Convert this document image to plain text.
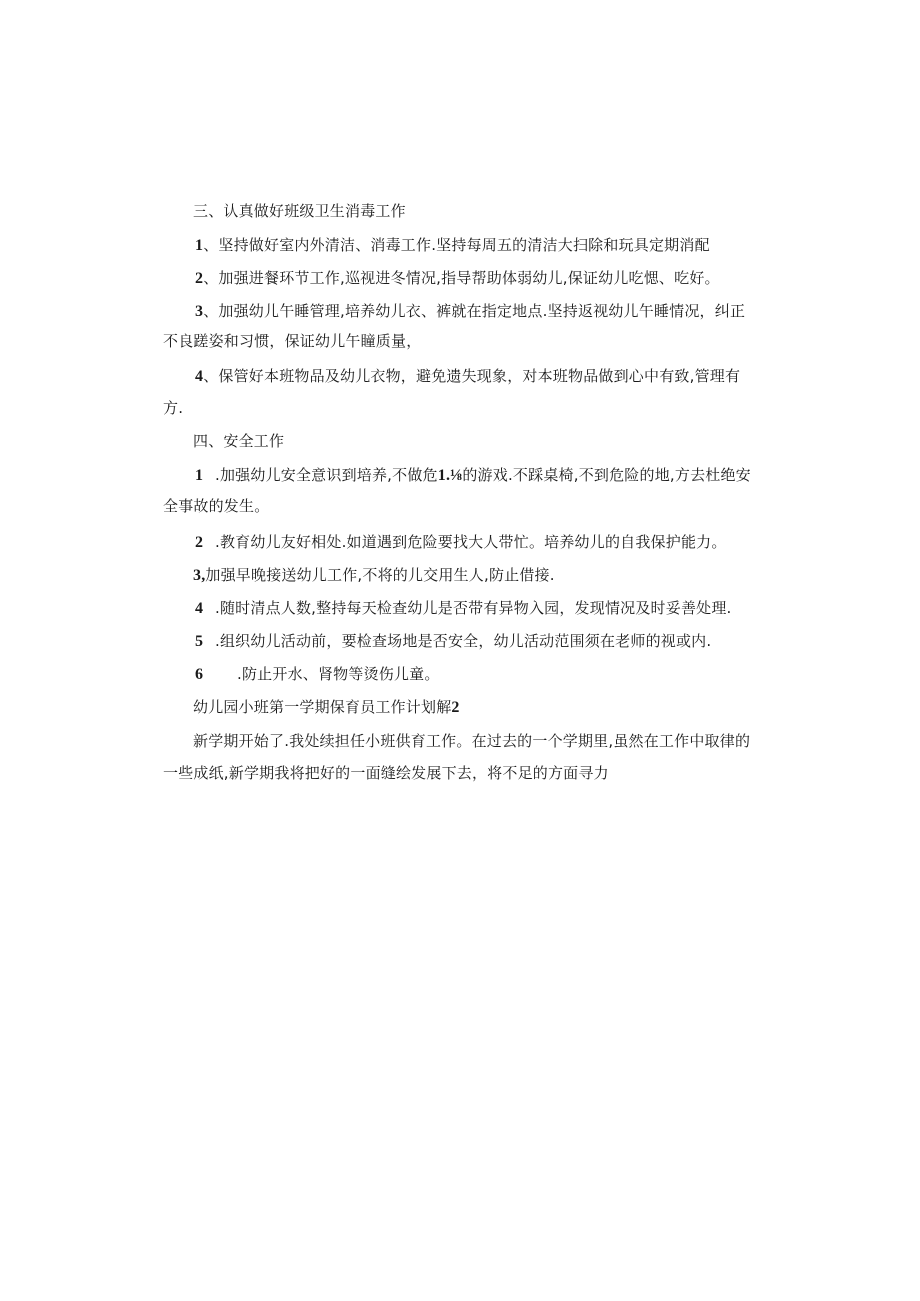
三、认真做好班级卫生消毒工作
1、坚持做好室内外清洁、消毒工作.坚持每周五的清洁大扫除和玩具定期消配
2、加强进餐环节工作,巡视进冬情况,指导帮助体弱幼儿,保证幼儿吃愢、吃好。
3、加强幼儿午睡管理,培养幼儿衣、裤就在指定地点.坚持返视幼儿午睡情况，纠正
不良蹉姿和习惯，保证幼儿午瞳质量，
4、保管好本班物品及幼儿衣物，避免遗失现象，对本班物品做到心中有致,管理有
方.
四、安全工作
1 .加强幼儿安全意识到培养,不做危1.⅛的游戏.不踩桌椅,不到危险的地,方去杜绝安
全事故的发生。
2 .教育幼儿友好相处.如道遇到危险要找大人带忙。培养幼儿的自我保护能力。
3,加强早晚接送幼儿工作,不将的儿交用生人,防止借接.
4 .随时清点人数,整持每天检查幼儿是否带有异物入园，发现情况及时妥善处理.
5 .组织幼儿活动前，要检查场地是否安全，幼儿活动范围须在老师的视或内.
6 .防止开水、肾物等烫伤儿童。
幼儿园小班第一学期保育员工作计划解2
新学期开始了.我处续担任小班供育工作。在过去的一个学期里,虽然在工作中取律的
一些成纸,新学期我将把好的一面缝绘发展下去，将不足的方面寻力
